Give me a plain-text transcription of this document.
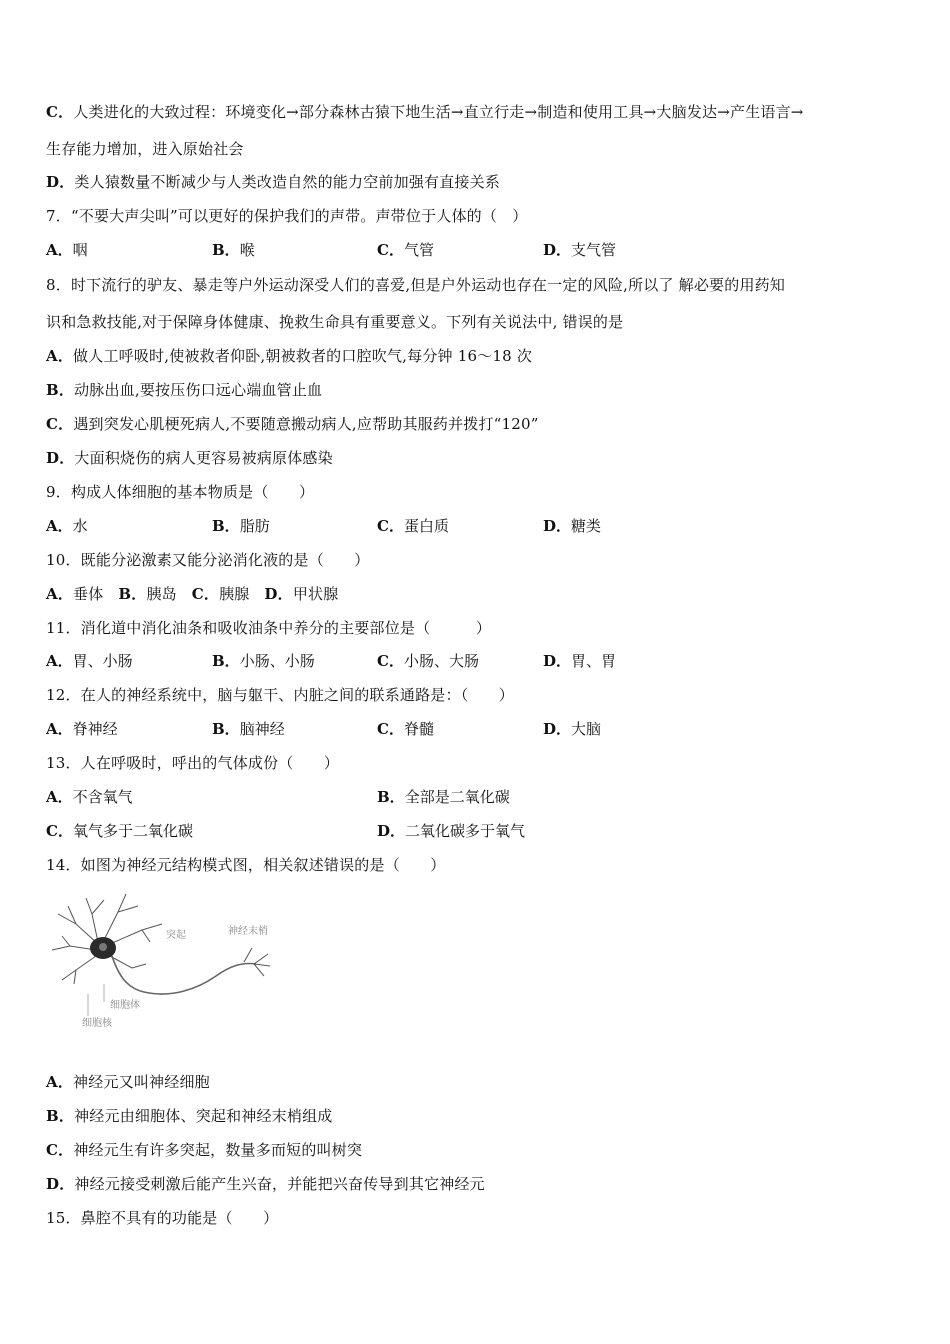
C．人类进化的大致过程：环境变化→部分森林古猿下地生活→直立行走→制造和使用工具→大脑发达→产生语言→
生存能力增加，进入原始社会
D．类人猿数量不断减少与人类改造自然的能力空前加强有直接关系
7．“不要大声尖叫”可以更好的保护我们的声带。声带位于人体的（　）
A．咽	B．喉	C．气管	D．支气管
8．时下流行的驴友、暴走等户外运动深受人们的喜爱,但是户外运动也存在一定的风险,所以了 解必要的用药知
识和急救技能,对于保障身体健康、挽救生命具有重要意义。下列有关说法中, 错误的是
A．做人工呼吸时,使被救者仰卧,朝被救者的口腔吹气,每分钟 16～18 次
B．动脉出血,要按压伤口远心端血管止血
C．遇到突发心肌梗死病人,不要随意搬动病人,应帮助其服药并拨打“120”
D．大面积烧伤的病人更容易被病原体感染
9．构成人体细胞的基本物质是（　　）
A．水	B．脂肪	C．蛋白质	D．糖类
10．既能分泌激素又能分泌消化液的是（　　）
A．垂体 B．胰岛 C．胰腺 D．甲状腺
11．消化道中消化油条和吸收油条中养分的主要部位是（　　　）
A．胃、小肠	B．小肠、小肠	C．小肠、大肠	D．胃、胃
12．在人的神经系统中，脑与躯干、内脏之间的联系通路是：（　　）
A．脊神经	B．脑神经	C．脊髓	D．大脑
13．人在呼吸时，呼出的气体成份（　　）
A．不含氧气	B．全部是二氧化碳
C．氧气多于二氧化碳	D．二氧化碳多于氧气
14．如图为神经元结构模式图，相关叙述错误的是（　　）
突起	神经末梢
细胞体
细胞核
A．神经元又叫神经细胞
B．神经元由细胞体、突起和神经末梢组成
C．神经元生有许多突起，数量多而短的叫树突
D．神经元接受刺激后能产生兴奋，并能把兴奋传导到其它神经元
15．鼻腔不具有的功能是（　　）
